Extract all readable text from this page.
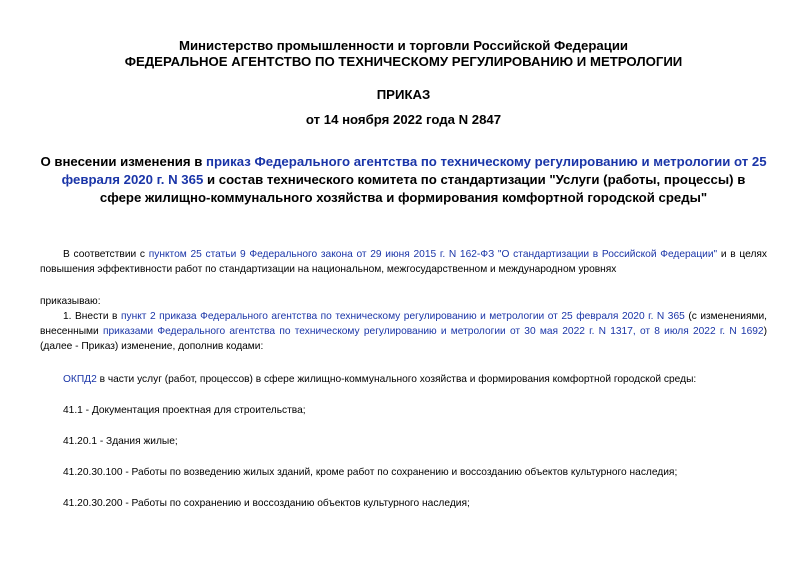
Министерство промышленности и торговли Российской Федерации
ФЕДЕРАЛЬНОЕ АГЕНТСТВО ПО ТЕХНИЧЕСКОМУ РЕГУЛИРОВАНИЮ И МЕТРОЛОГИИ
ПРИКАЗ
от 14 ноября 2022 года N 2847
О внесении изменения в приказ Федерального агентства по техническому регулированию и метрологии от 25 февраля 2020 г. N 365 и состав технического комитета по стандартизации "Услуги (работы, процессы) в сфере жилищно-коммунального хозяйства и формирования комфортной городской среды"
В соответствии с пунктом 25 статьи 9 Федерального закона от 29 июня 2015 г. N 162-ФЗ "О стандартизации в Российской Федерации" и в целях повышения эффективности работ по стандартизации на национальном, межгосударственном и международном уровнях
приказываю:
1. Внести в пункт 2 приказа Федерального агентства по техническому регулированию и метрологии от 25 февраля 2020 г. N 365 (с изменениями, внесенными приказами Федерального агентства по техническому регулированию и метрологии от 30 мая 2022 г. N 1317, от 8 июля 2022 г. N 1692) (далее - Приказ) изменение, дополнив кодами:
ОКПД2 в части услуг (работ, процессов) в сфере жилищно-коммунального хозяйства и формирования комфортной городской среды:
41.1 - Документация проектная для строительства;
41.20.1 - Здания жилые;
41.20.30.100 - Работы по возведению жилых зданий, кроме работ по сохранению и воссозданию объектов культурного наследия;
41.20.30.200 - Работы по сохранению и воссозданию объектов культурного наследия;
